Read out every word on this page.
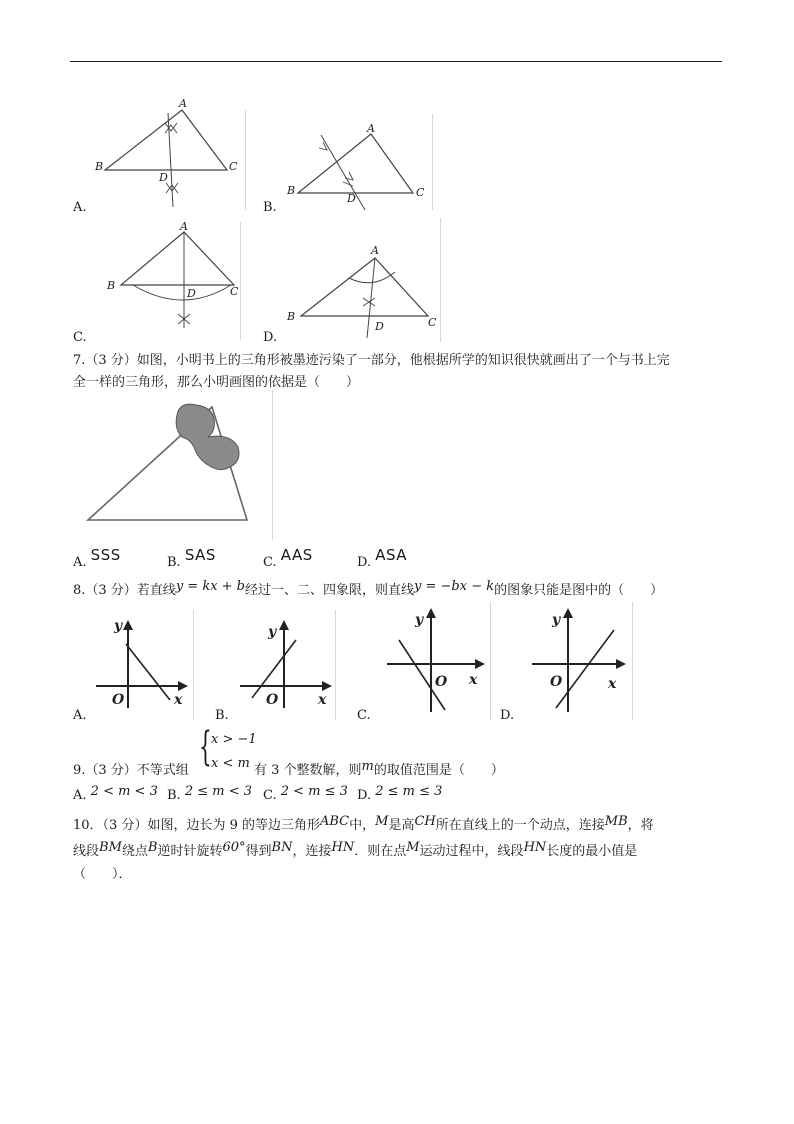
A
B
D
C
A
B
D	C
A.	B.
A
B
D	C
A
B
D	C
C.	D.
7.（3 分）如图，小明书上的三角形被墨迹污染了一部分，他根据所学的知识很快就画出了一个与书上完
全一样的三角形，那么小明画图的依据是（　　）
A. SSS	B. SAS	C. AAS	D. ASA
8.（3 分）若直线y = kx + b经过一、二、四象限，则直线y = −bx − k的图象只能是图中的（　　）
y
O	x
y
O	x
y
O x
y
O	x
A.	B.	C.	D.
{ x > −1
x < m
9.（3 分）不等式组	有 3 个整数解，则m的取值范围是（　　）
A. 2 < m < 3 B. 2 ≤ m < 3 C. 2 < m ≤ 3 D. 2 ≤ m ≤ 3
10．（3 分）如图，边长为 9 的等边三角形ABC中，M是高CH所在直线上的一个动点，连接MB，将
线段BM绕点B逆时针旋转60°得到BN，连接HN．则在点M运动过程中，线段HN长度的最小值是
（　　）．
